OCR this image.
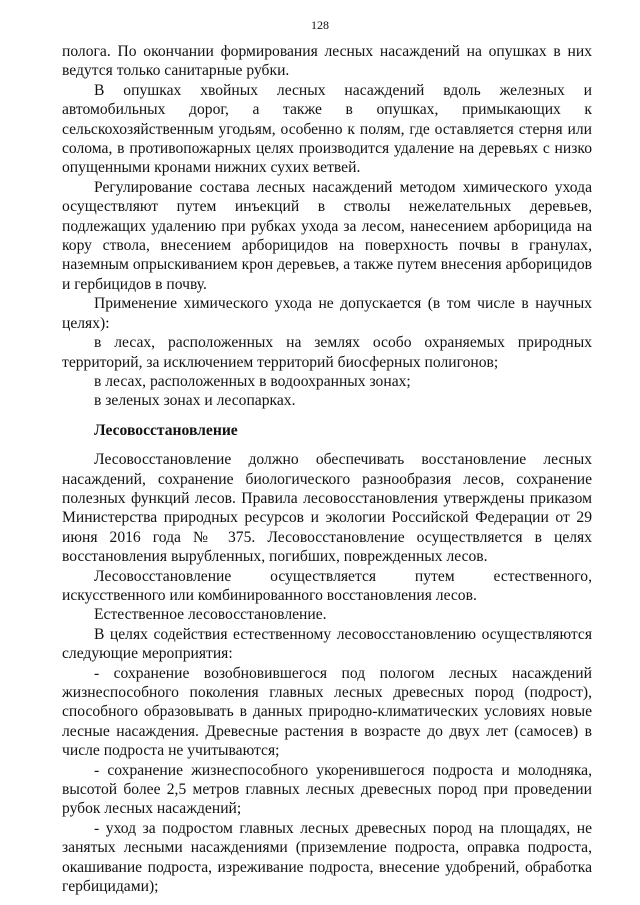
128

полога. По окончании формирования лесных насаждений на опушках в них ведутся только санитарные рубки.

В опушках хвойных лесных насаждений вдоль железных и автомобильных дорог, а также в опушках, примыкающих к сельскохозяйственным угодьям, особенно к полям, где оставляется стерня или солома, в противопожарных целях производится удаление на деревьях с низко опущенными кронами нижних сухих ветвей.

Регулирование состава лесных насаждений методом химического ухода осуществляют путем инъекций в стволы нежелательных деревьев, подлежащих удалению при рубках ухода за лесом, нанесением арборицида на кору ствола, внесением арборицидов на поверхность почвы в гранулах, наземным опрыскиванием крон деревьев, а также путем внесения арборицидов и гербицидов в почву.

Применение химического ухода не допускается (в том числе в научных целях):

в лесах, расположенных на землях особо охраняемых природных территорий, за исключением территорий биосферных полигонов;

в лесах, расположенных в водоохранных зонах;

в зеленых зонах и лесопарках.

Лесовосстановление

Лесовосстановление должно обеспечивать восстановление лесных насаждений, сохранение биологического разнообразия лесов, сохранение полезных функций лесов. Правила лесовосстановления утверждены приказом Министерства природных ресурсов и экологии Российской Федерации от 29 июня 2016 года № 375. Лесовосстановление осуществляется в целях восстановления вырубленных, погибших, поврежденных лесов.

Лесовосстановление осуществляется путем естественного, искусственного или комбинированного восстановления лесов.

Естественное лесовосстановление.

В целях содействия естественному лесовосстановлению осуществляются следующие мероприятия:

- сохранение возобновившегося под пологом лесных насаждений жизнеспособного поколения главных лесных древесных пород (подрост), способного образовывать в данных природно-климатических условиях новые лесные насаждения. Древесные растения в возрасте до двух лет (самосев) в числе подроста не учитываются;

- сохранение жизнеспособного укоренившегося подроста и молодняка, высотой более 2,5 метров главных лесных древесных пород при проведении рубок лесных насаждений;

- уход за подростом главных лесных древесных пород на площадях, не занятых лесными насаждениями (приземление подроста, оправка подроста, окашивание подроста, изреживание подроста, внесение удобрений, обработка гербицидами);
